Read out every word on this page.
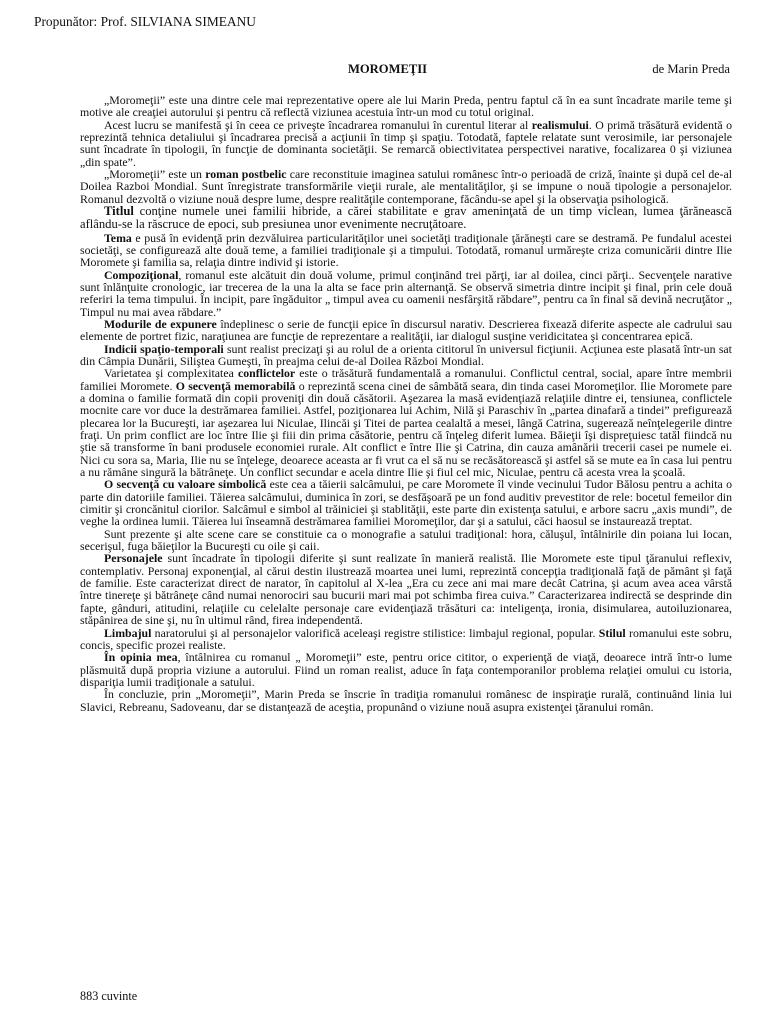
Propunător: Prof. SILVIANA SIMEANU
MOROMEŢII	de Marin Preda

„Moromeţii” este una dintre cele mai reprezentative opere ale lui Marin Preda, pentru faptul că în ea sunt încadrate marile teme şi motive ale creaţiei autorului şi pentru că reflectă viziunea acestuia într-un mod cu totul original.

Acest lucru se manifestă şi în ceea ce priveşte încadrarea romanului în curentul literar al realismului. O primă trăsătură evidentă o reprezintă tehnica detaliului şi încadrarea precisă a acţiunii în timp şi spaţiu. Totodată, faptele relatate sunt verosimile, iar personajele sunt încadrate în tipologii, în funcţie de dominanta societăţii. Se remarcă obiectivitatea perspectivei narative, focalizarea 0 şi viziunea „din spate”.

„Moromeţii” este un roman postbelic care reconstituie imaginea satului românesc într-o perioadă de criză, înainte şi după cel de-al Doilea Razboi Mondial. Sunt înregistrate transformările vieţii rurale, ale mentalităţilor, şi se impune o nouă tipologie a personajelor. Romanul dezvoltă o viziune nouă despre lume, despre realităţile contemporane, făcându-se apel şi la observaţia psihologică.

Titlul conţine numele unei familii hibride, a cărei stabilitate e grav ameninţată de un timp viclean, lumea ţărănească aflându-se la răscruce de epoci, sub presiunea unor evenimente necruţătoare.

Tema e pusă în evidenţă prin dezvăluirea particularităţilor unei societăţi tradiţionale ţărăneşti care se destramă. Pe fundalul acestei societăţi, se configurează alte două teme, a familiei tradiţionale şi a timpului. Totodată, romanul urmăreşte criza comunicării dintre Ilie Moromete şi familia sa, relaţia dintre individ şi istorie.

Compoziţional, romanul este alcătuit din două volume, primul conţinând trei părţi, iar al doilea, cinci părţi.. Secvenţele narative sunt înlănţuite cronologic, iar trecerea de la una la alta se face prin alternanţă. Se observă simetria dintre incipit şi final, prin cele două referiri la tema timpului. În incipit, pare îngăduitor „ timpul avea cu oamenii nesfârşită răbdare”, pentru ca în final să devină necruţător „ Timpul nu mai avea răbdare.”

Modurile de expunere îndeplinesc o serie de funcţii epice în discursul narativ. Descrierea fixează diferite aspecte ale cadrului sau elemente de portret fizic, naraţiunea are funcţie de reprezentare a realităţii, iar dialogul susţine veridicitatea şi concentrarea epică.

Indicii spaţio-temporali sunt realist precizaţi şi au rolul de a orienta cititorul în universul ficţiunii. Acţiunea este plasată într-un sat din Câmpia Dunării, Siliştea Gumeşti, în preajma celui de-al Doilea Război Mondial.

Varietatea şi complexitatea conflictelor este o trăsătură fundamentală a romanului. Conflictul central, social, apare între membrii familiei Moromete. O secvenţă memorabilă o reprezintă scena cinei de sâmbătă seara, din tinda casei Moromeţilor. Ilie Moromete pare a domina o familie formată din copii proveniţi din două căsătorii. Aşezarea la masă evidenţiază relaţiile dintre ei, tensiunea, conflictele mocnite care vor duce la destrămarea familiei. Astfel, poziţionarea lui Achim, Nilă şi Paraschiv în „partea dinafară a tindei” prefigurează plecarea lor la Bucureşti, iar aşezarea lui Niculae, Ilincăi şi Titei de partea cealaltă a mesei, lângă Catrina, sugerează neînţelegerile dintre fraţi. Un prim conflict are loc între Ilie şi fiii din prima căsătorie, pentru că înţeleg diferit lumea. Băieţii îşi dispreţuiesc tatăl fiindcă nu ştie să transforme în bani produsele economiei rurale. Alt conflict e între Ilie şi Catrina, din cauza amânării trecerii casei pe numele ei. Nici cu sora sa, Maria, Ilie nu se înţelege, deoarece aceasta ar fi vrut ca el să nu se recăsătorească şi astfel să se mute ea în casa lui pentru a nu rămâne singură la bătrâneţe. Un conflict secundar e acela dintre Ilie şi fiul cel mic, Niculae, pentru că acesta vrea la şcoală.

O secvenţă cu valoare simbolică este cea a tăierii salcâmului, pe care Moromete îl vinde vecinului Tudor Bălosu pentru a achita o parte din datoriile familiei. Tăierea salcâmului, duminica în zori, se desfăşoară pe un fond auditiv prevestitor de rele: bocetul femeilor din cimitir şi croncănitul ciorilor. Salcâmul e simbol al trăiniciei şi stablităţii, este parte din existenţa satului, e arbore sacru „axis mundi”, de veghe la ordinea lumii. Tăierea lui înseamnă destrămarea familiei Moromeţilor, dar şi a satului, căci haosul se instaurează treptat.

Sunt prezente şi alte scene care se constituie ca o monografie a satului tradiţional: hora, căluşul, întâlnirile din poiana lui Iocan, secerişul, fuga băieţilor la Bucureşti cu oile şi caii.

Personajele sunt încadrate în tipologii diferite şi sunt realizate în manieră realistă. Ilie Moromete este tipul ţăranului reflexiv, contemplativ. Personaj exponenţial, al cărui destin ilustrează moartea unei lumi, reprezintă concepţia tradiţională faţă de pământ şi faţă de familie. Este caracterizat direct de narator, în capitolul al X-lea „Era cu zece ani mai mare decât Catrina, şi acum avea acea vârstă între tinereţe şi bătrâneţe când numai nenorociri sau bucurii mari mai pot schimba firea cuiva.” Caracterizarea indirectă se desprinde din fapte, gânduri, atitudini, relaţiile cu celelalte personaje care evidenţiază trăsături ca: inteligenţa, ironia, disimularea, autoiluzionarea, stăpânirea de sine şi, nu în ultimul rând, firea independentă.

Limbajul naratorului şi al personajelor valorifică aceleaşi registre stilistice: limbajul regional, popular. Stilul romanului este sobru, concis, specific prozei realiste.

În opinia mea, întâlnirea cu romanul „ Moromeţii” este, pentru orice cititor, o experienţă de viaţă, deoarece intră într-o lume plăsmuită după propria viziune a autorului. Fiind un roman realist, aduce în faţa contemporanilor problema relaţiei omului cu istoria, dispariţia lumii tradiţionale a satului.

În concluzie, prin „Moromeţii”, Marin Preda se înscrie în tradiţia romanului românesc de inspiraţie rurală, continuând linia lui Slavici, Rebreanu, Sadoveanu, dar se distanţează de aceştia, propunând o viziune nouă asupra existenţei ţăranului român.

883 cuvinte
